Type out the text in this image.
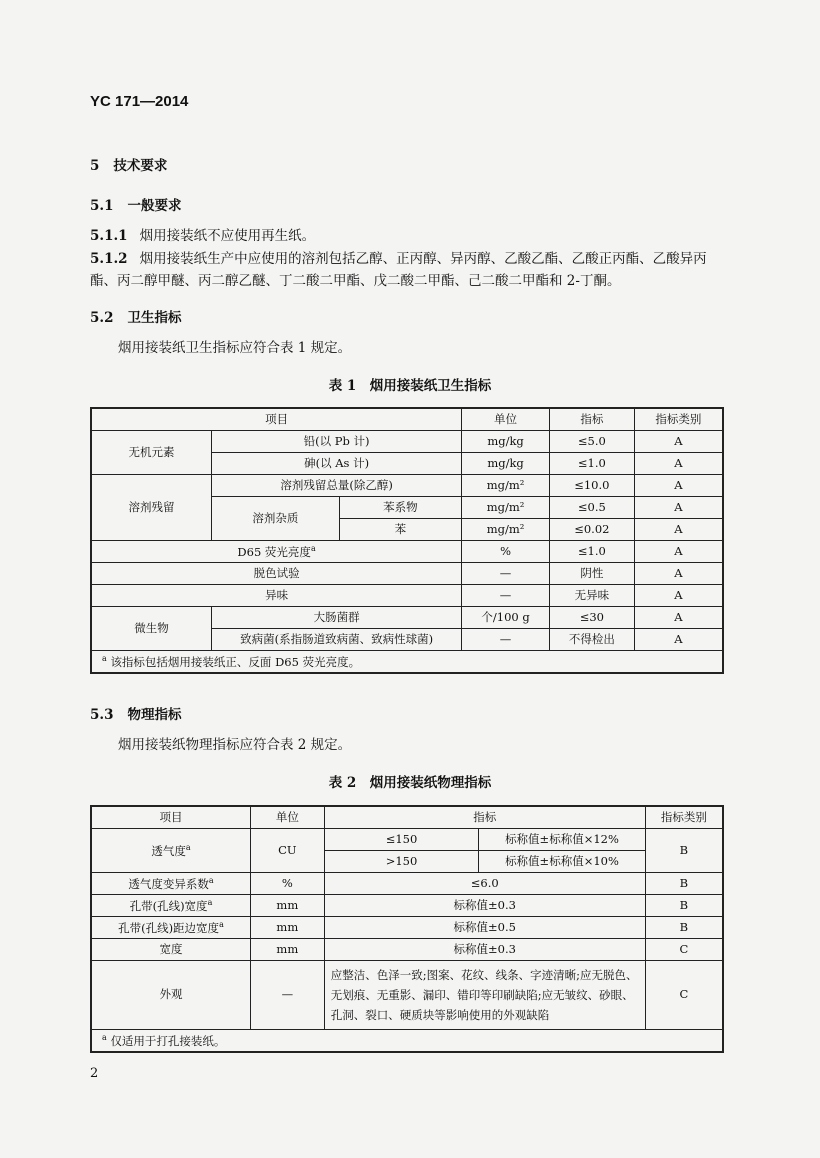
YC 171—2014
5 技术要求
5.1 一般要求
5.1.1 烟用接装纸不应使用再生纸。
5.1.2 烟用接装纸生产中应使用的溶剂包括乙醇、正丙醇、异丙醇、乙酸乙酯、乙酸正丙酯、乙酸异丙
酯、丙二醇甲醚、丙二醇乙醚、丁二酸二甲酯、戊二酸二甲酯、己二酸二甲酯和 2-丁酮。
5.2 卫生指标
烟用接装纸卫生指标应符合表 1 规定。
表 1　烟用接装纸卫生指标
项目			单位	指标	指标类别
无机元素	铅(以 Pb 计)		mg/kg	≤5.0	A
	砷(以 As 计)		mg/kg	≤1.0	A
溶剂残留	溶剂残留总量(除乙醇)		mg/m²	≤10.0	A
	溶剂杂质	苯系物	mg/m²	≤0.5	A
		苯	mg/m²	≤0.02	A
D65 荧光亮度$^a$			%	≤1.0	A
脱色试验			—	阴性	A
异味			—	无异味	A
微生物	大肠菌群		个/100 g	≤30	A
	致病菌(系指肠道致病菌、致病性球菌)		—	不得检出	A
$^a$ 该指标包括烟用接装纸正、反面 D65 荧光亮度。					
5.3 物理指标
烟用接装纸物理指标应符合表 2 规定。
表 2　烟用接装纸物理指标
项目	单位	指标		指标类别
透气度$^a$	CU	≤150	标称值±标称值×12%	B
		>150	标称值±标称值×10%	
透气度变异系数$^a$	%	≤6.0		B
孔带(孔线)宽度$^a$	mm	标称值±0.3		B
孔带(孔线)距边宽度$^a$	mm	标称值±0.5		B
宽度	mm	标称值±0.3		C
外观	—	应整洁、色泽一致;图案、花纹、线条、字迹清晰;应无脱色、
无划痕、无重影、漏印、错印等印刷缺陷;应无皱纹、砂眼、
孔洞、裂口、硬质块等影响使用的外观缺陷		C
$^a$ 仅适用于打孔接装纸。				
2
